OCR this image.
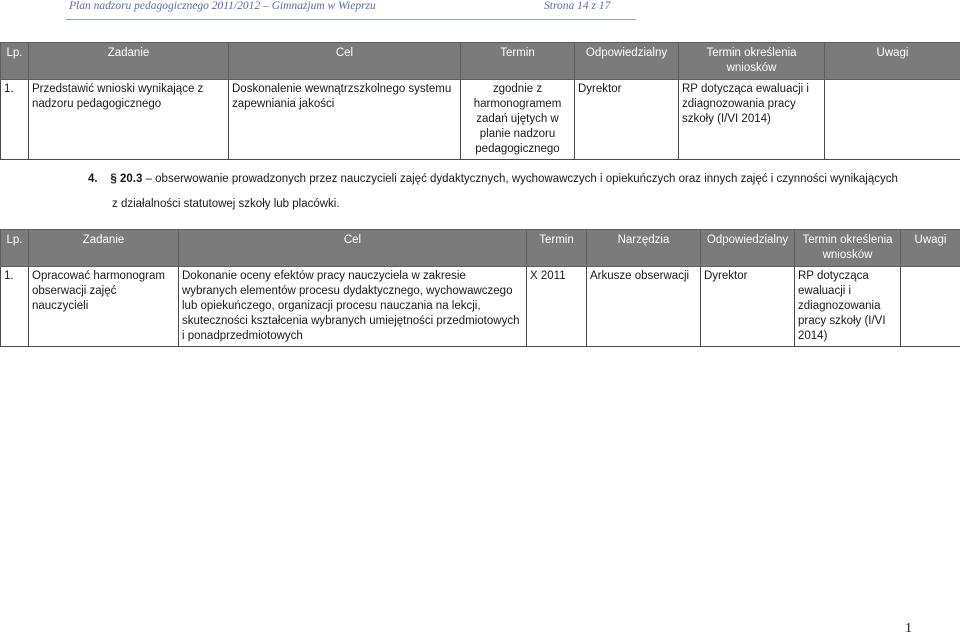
Plan nadzoru pedagogicznego 2011/2012 – Gimnazjum w Wieprzu	Strona 14 z 17
Lp.	Zadanie	Cel	Termin	Odpowiedzialny	Termin określenia wniosków	Uwagi
1.	Przedstawić wnioski wynikające z nadzoru pedagogicznego	Doskonalenie wewnątrzszkolnego systemu zapewniania jakości	zgodnie z harmonogramem zadań ujętych w planie nadzoru pedagogicznego	Dyrektor	RP dotycząca ewaluacji i zdiagnozowania pracy szkoły (I/VI 2014)	
4. § 20.3 – obserwowanie prowadzonych przez nauczycieli zajęć dydaktycznych, wychowawczych i opiekuńczych oraz innych zajęć i czynności wynikających
z działalności statutowej szkoły lub placówki.
Lp.	Zadanie	Cel	Termin	Narzędzia	Odpowiedzialny	Termin określenia wniosków	Uwagi
1.	Opracować harmonogram obserwacji zajęć nauczycieli	Dokonanie oceny efektów pracy nauczyciela w zakresie wybranych elementów procesu dydaktycznego, wychowawczego lub opiekuńczego, organizacji procesu nauczania na lekcji, skuteczności kształcenia wybranych umiejętności przedmiotowych i ponadprzedmiotowych	X 2011	Arkusze obserwacji	Dyrektor	RP dotycząca ewaluacji i zdiagnozowania pracy szkoły (I/VI 2014)	
1
